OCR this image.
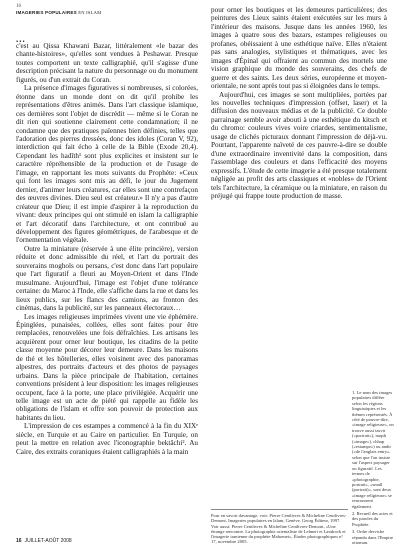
16
IMAGERIES POPULAIRES EN ISLAM
...

c'est au Qissa Khawani Bazar, littéralement «le bazar des chante-histoires», qu'elles sont vendues à Peshawar. Presque toutes comportent un texte calligraphié, qu'il s'agisse d'une description précisant la nature du personnage ou du monument figurés, ou d'un extrait du Coran.

La présence d'images figuratives si nombreuses, si colorées, étonne dans un monde dont on dit qu'il prohibe les représentations d'êtres animés. Dans l'art classique islamique, ces dernières sont l'objet de discrédit — même si le Coran ne dit rien qui soutienne clairement cette condamnation; il ne condamne que des pratiques païennes bien définies, telles que l'adoration des pierres dressées, donc des idoles (Coran V, 92), interdiction qui fait écho à celle de la Bible (Exode 20,4). Cependant les hadîth¹ sont plus explicites et insistent sur le caractère répréhensible de la production et de l'usage de l'image, en rapportant les mots suivants du Prophète: «Ceux qui font les images sont mis au défi, le jour du Jugement dernier, d'animer leurs créatures, car elles sont une contrefaçon des œuvres divines. Dieu seul est créateur.» Il n'y a pas d'autre créateur que Dieu; il est impie d'aspirer à la reproduction du vivant: deux principes qui ont stimulé en islam la calligraphie et l'art décoratif dans l'architecture, et ont contribué au développement des figures géométriques, de l'arabesque et de l'ornementation végétale.

Outre la miniature (réservée à une élite princière), version réduite et donc admissible du réel, et l'art du portrait des souverains moghols ou persans, c'est donc dans l'art populaire que l'art figuratif a fleuri au Moyen-Orient et dans l'Inde musulmane. Aujourd'hui, l'image est l'objet d'une tolérance certaine: du Maroc à l'Inde, elle s'affiche dans la rue et dans les lieux publics, sur les flancs des camions, au fronton des cinémas, dans la publicité, sur les panneaux électoraux…

Les images religieuses imprimées vivent une vie éphémère. Épinglées, punaisées, collées, elles sont faites pour être remplacées, renouvelées une fois défraîchies. Les artisans les acquièrent pour orner leur boutique, les citadins de la petite classe moyenne pour décorer leur demeure. Dans les maisons de thé et les hôtelleries, elles voisinent avec des panoramas alpestres, des portraits d'acteurs et des photos de paysages urbains. Dans la pièce principale de l'habitation, certaines conventions président à leur disposition: les images religieuses occupent, face à la porte, une place privilégiée. Acquérir une telle image est un acte de piété qui rappelle au fidèle les obligations de l'islam et offre son pouvoir de protection aux habitants du lieu.

L'impression de ces estampes a commencé à la fin du XIXᵉ siècle, en Turquie et au Caire en particulier. En Turquie, on peut la mettre en relation avec l'iconographie bektâchi². Au Caire, des extraits coraniques étaient calligraphiés à la main

pour orner les boutiques et les demeures particulières; des peintures des Lieux saints étaient exécutées sur les murs à l'intérieur des maisons. Jusque dans les années 1960, les images à quatre sous des bazars, estampes religieuses ou profanes, obéissaient à une esthétique naïve. Elles n'étaient pas sans analogies, stylistiques et thématiques, avec les images d'Épinal qui offraient au commun des mortels une vision graphique du monde des souverains, des chefs de guerre et des saints. Les deux séries, européenne et moyen-orientale, ne sont après tout pas si éloignées dans le temps.

Aujourd'hui, ces images se sont multipliées, portées par les nouvelles techniques d'impression (offset, laser) et la diffusion des nouveaux médias et de la publicité. Ce double parrainage semble avoir abouti à une esthétique du kitsch et du chromo: couleurs vives voire criardes, sentimentalisme, usage de clichés picturaux donnant l'impression de déjà-vu. Pourtant, l'apparente naïveté de ces pauvre-à-dire se double d'une extraordinaire inventivité dans la composition, dans l'assemblage des couleurs et dans l'efficacité des moyens expressifs. L'étude de cette imagerie a été presque totalement négligée au profit des arts classiques et «nobles» de l'Orient tels l'architecture, la céramique ou la miniature, en raison du préjugé qui frappe toute production de masse.

1. Le nom des images populaires diffère selon les régions linguistiques et les thèmes représentés. À côté de pouvre-dire, «image religieuse», on trouve aussi tasvir («portrait»), naqsh («image»), chhap («estampe») ou andir («de l'anglais entry», selon que l'on insiste sur l'aspect paysager ou figuratif. Les termes de «photographie, portrait», «small (portrait)», sont deux «image religieuse» se rencontrent également.

2. Recueil des actes et des paroles du Prophète.

3. Ordre derviche répandu dans l'Empire ottoman.

Pour en savoir davantage, voir: Pierre Centlivres & Micheline Centlivres-Demont, Imageries populaires en Islam, Genève, Georg Éditeur, 1997. Voir aussi: Pierre Centlivres & Micheline Centlivres-Demont, «Une étrange rencontre. La photographie orientaliste de Lehnert et Landrock et l'imagerie iranienne du prophète Mahomet», Études photographiques n° 17, novembre 2005.
16 JUILLET-AOÛT 2008
